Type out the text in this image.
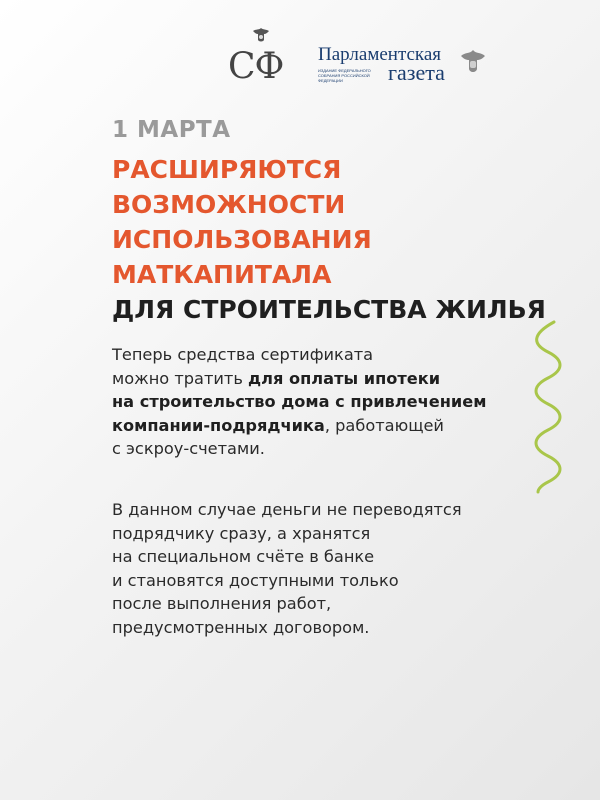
СФ Парламентская
ИЗДАНИЕ ФЕДЕРАЛЬНОГО СОБРАНИЯ РОССИЙСКОЙ ФЕДЕРАЦИИ	газета
1 МАРТА
РАСШИРЯЮТСЯ
ВОЗМОЖНОСТИ
ИСПОЛЬЗОВАНИЯ
МАТКАПИТАЛА
ДЛЯ СТРОИТЕЛЬСТВА ЖИЛЬЯ
Теперь средства сертификата
можно тратить для оплаты ипотеки
на строительство дома с привлечением
компании-подрядчика, работающей
с эскроу-счетами.
В данном случае деньги не переводятся
подрядчику сразу, а хранятся
на специальном счёте в банке
и становятся доступными только
после выполнения работ,
предусмотренных договором.
